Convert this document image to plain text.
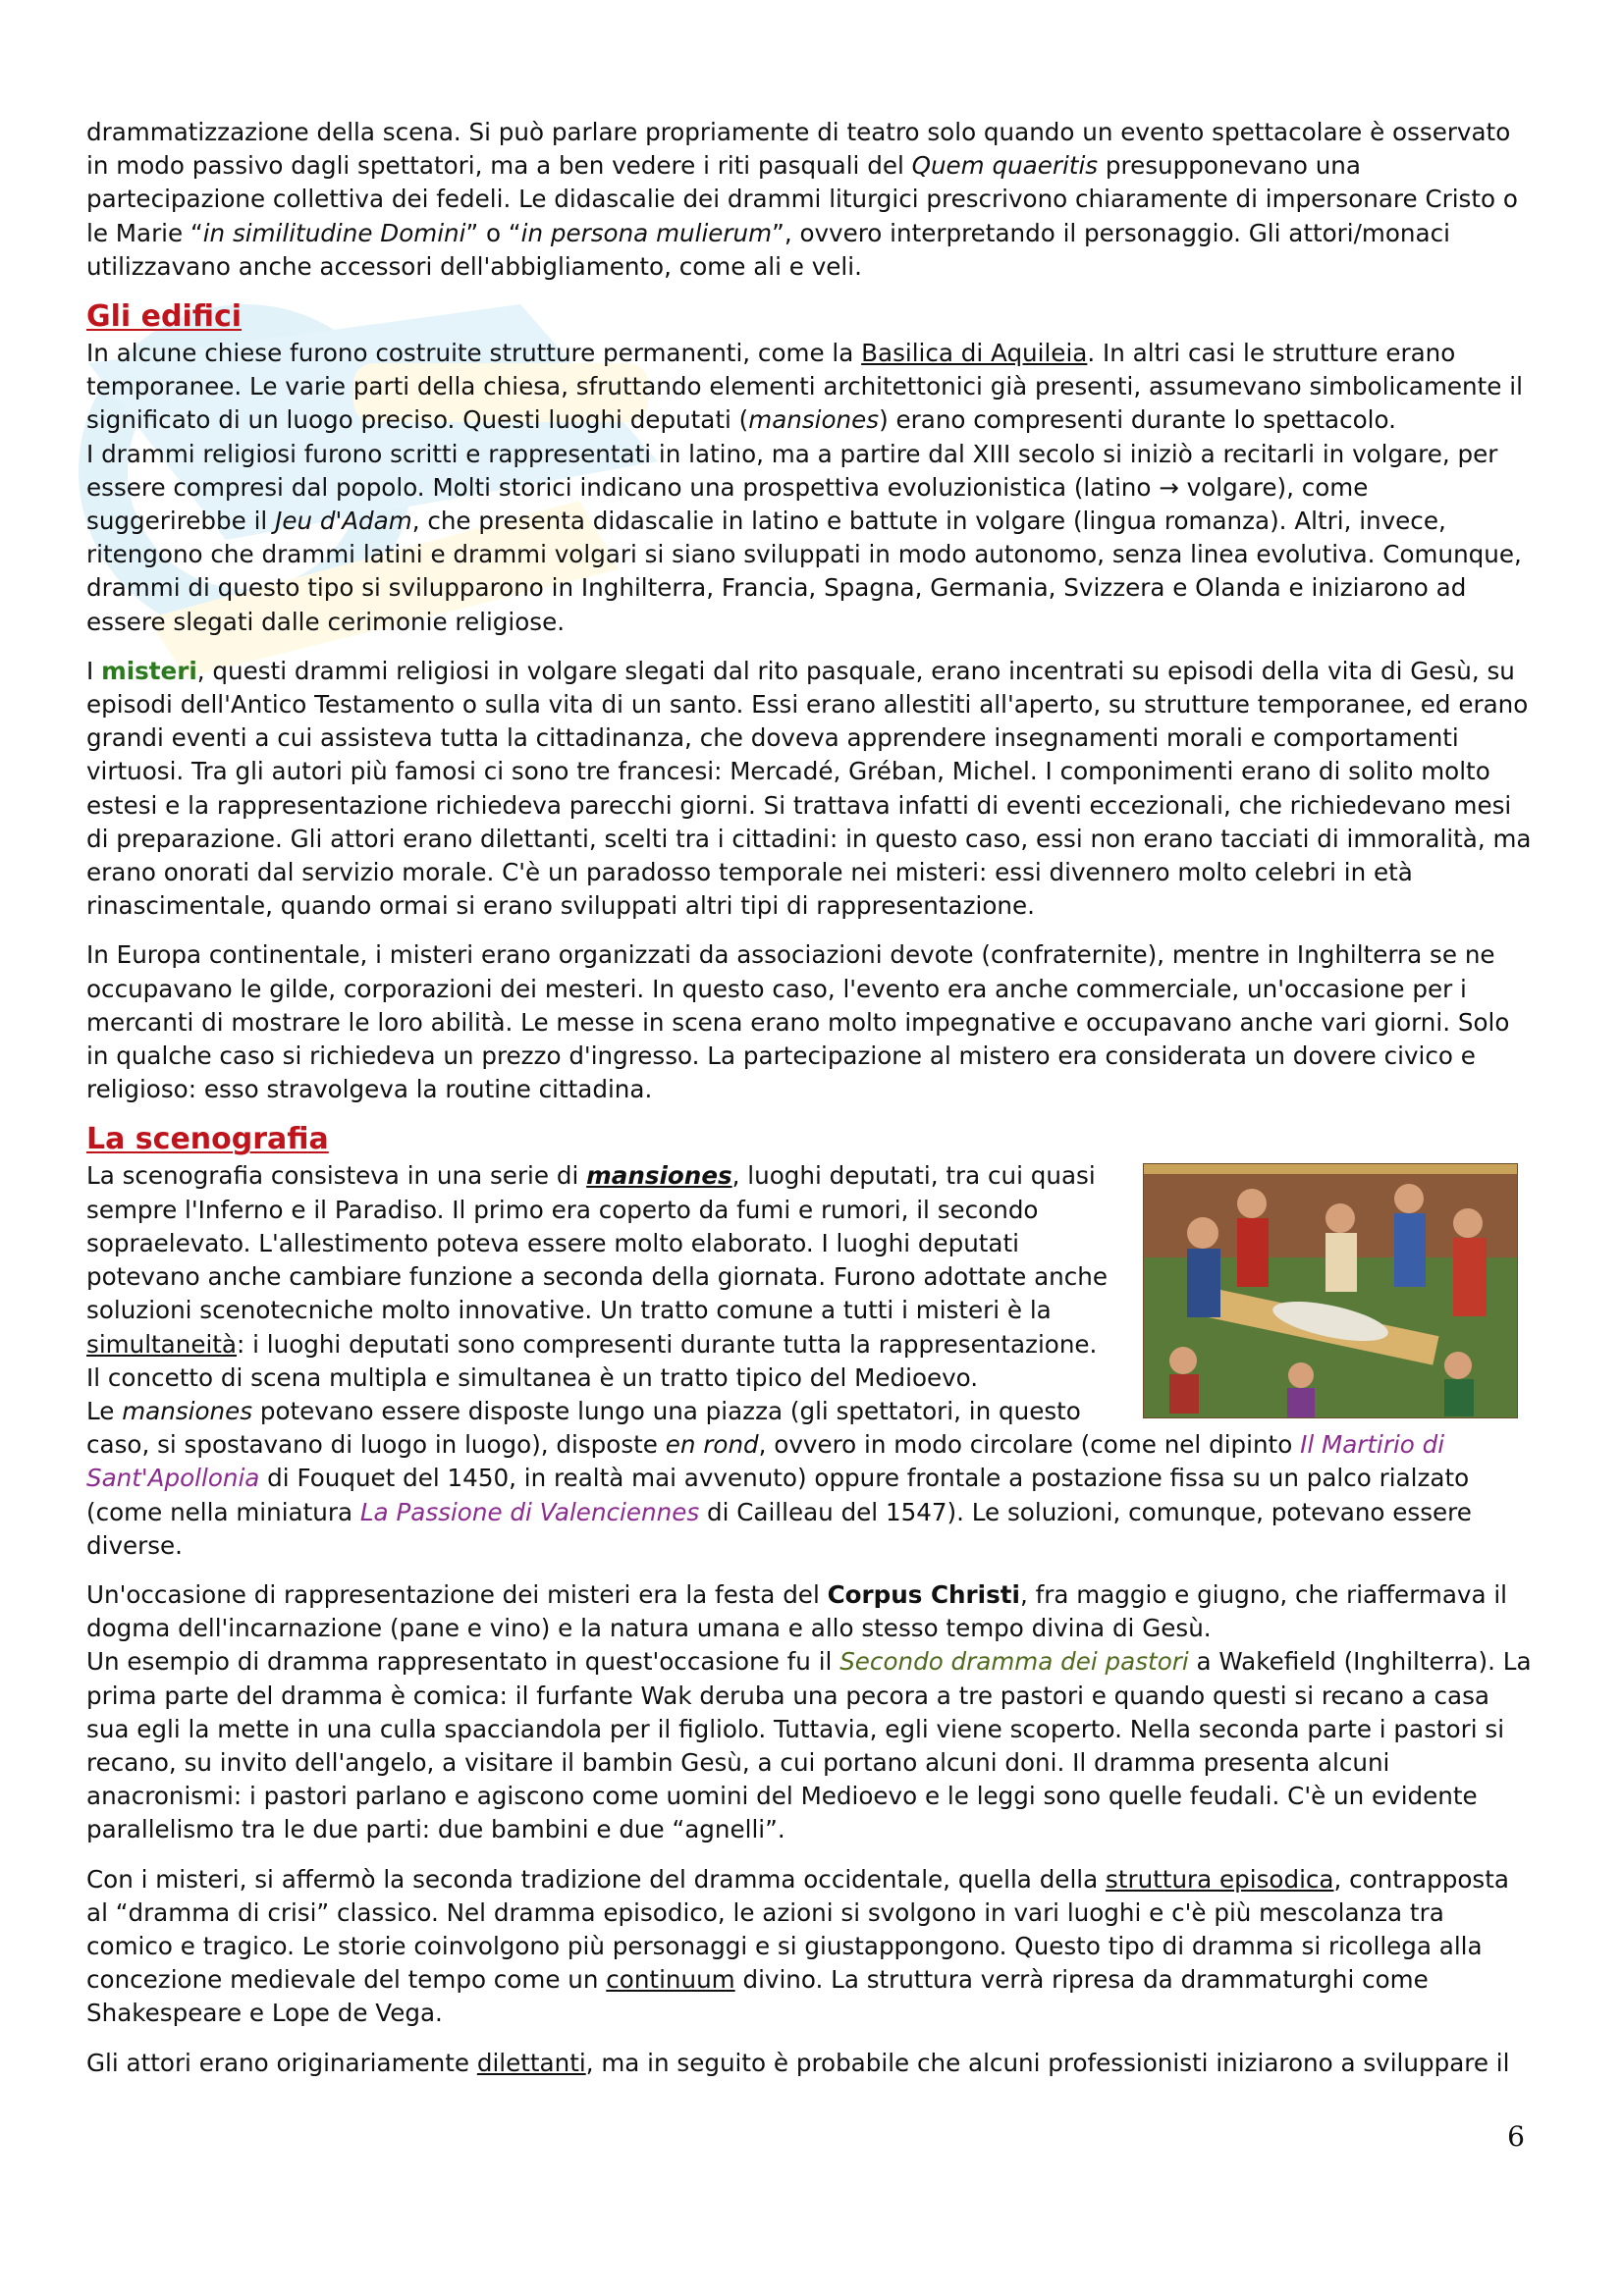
drammatizzazione della scena. Si può parlare propriamente di teatro solo quando un evento spettacolare è osservato in modo passivo dagli spettatori, ma a ben vedere i riti pasquali del Quem quaeritis presupponevano una partecipazione collettiva dei fedeli. Le didascalie dei drammi liturgici prescrivono chiaramente di impersonare Cristo o le Marie “in similitudine Domini” o “in persona mulierum”, ovvero interpretando il personaggio. Gli attori/monaci utilizzavano anche accessori dell'abbigliamento, come ali e veli.

Gli edifici

In alcune chiese furono costruite strutture permanenti, come la Basilica di Aquileia. In altri casi le strutture erano temporanee. Le varie parti della chiesa, sfruttando elementi architettonici già presenti, assumevano simbolicamente il significato di un luogo preciso. Questi luoghi deputati (mansiones) erano compresenti durante lo spettacolo.

I drammi religiosi furono scritti e rappresentati in latino, ma a partire dal XIII secolo si iniziò a recitarli in volgare, per essere compresi dal popolo. Molti storici indicano una prospettiva evoluzionistica (latino → volgare), come suggerirebbe il Jeu d'Adam, che presenta didascalie in latino e battute in volgare (lingua romanza). Altri, invece, ritengono che drammi latini e drammi volgari si siano sviluppati in modo autonomo, senza linea evolutiva. Comunque, drammi di questo tipo si svilupparono in Inghilterra, Francia, Spagna, Germania, Svizzera e Olanda e iniziarono ad essere slegati dalle cerimonie religiose.

I misteri, questi drammi religiosi in volgare slegati dal rito pasquale, erano incentrati su episodi della vita di Gesù, su episodi dell'Antico Testamento o sulla vita di un santo. Essi erano allestiti all'aperto, su strutture temporanee, ed erano grandi eventi a cui assisteva tutta la cittadinanza, che doveva apprendere insegnamenti morali e comportamenti virtuosi. Tra gli autori più famosi ci sono tre francesi: Mercadé, Gréban, Michel. I componimenti erano di solito molto estesi e la rappresentazione richiedeva parecchi giorni. Si trattava infatti di eventi eccezionali, che richiedevano mesi di preparazione. Gli attori erano dilettanti, scelti tra i cittadini: in questo caso, essi non erano tacciati di immoralità, ma erano onorati dal servizio morale. C'è un paradosso temporale nei misteri: essi divennero molto celebri in età rinascimentale, quando ormai si erano sviluppati altri tipi di rappresentazione.

In Europa continentale, i misteri erano organizzati da associazioni devote (confraternite), mentre in Inghilterra se ne occupavano le gilde, corporazioni dei mesteri. In questo caso, l'evento era anche commerciale, un'occasione per i mercanti di mostrare le loro abilità. Le messe in scena erano molto impegnative e occupavano anche vari giorni. Solo in qualche caso si richiedeva un prezzo d'ingresso. La partecipazione al mistero era considerata un dovere civico e religioso: esso stravolgeva la routine cittadina.

La scenografia

La scenografia consisteva in una serie di mansiones, luoghi deputati, tra cui quasi sempre l'Inferno e il Paradiso. Il primo era coperto da fumi e rumori, il secondo sopraelevato. L'allestimento poteva essere molto elaborato. I luoghi deputati potevano anche cambiare funzione a seconda della giornata. Furono adottate anche soluzioni scenotecniche molto innovative. Un tratto comune a tutti i misteri è la simultaneità: i luoghi deputati sono compresenti durante tutta la rappresentazione.
Il concetto di scena multipla e simultanea è un tratto tipico del Medioevo.
Le mansiones potevano essere disposte lungo una piazza (gli spettatori, in questo caso, si spostavano di luogo in luogo), disposte en rond, ovvero in modo circolare (come nel dipinto Il Martirio di Sant'Apollonia di Fouquet del 1450, in realtà mai avvenuto) oppure frontale a postazione fissa su un palco rialzato (come nella miniatura La Passione di Valenciennes di Cailleau del 1547). Le soluzioni, comunque, potevano essere diverse.

Un'occasione di rappresentazione dei misteri era la festa del Corpus Christi, fra maggio e giugno, che riaffermava il dogma dell'incarnazione (pane e vino) e la natura umana e allo stesso tempo divina di Gesù.
Un esempio di dramma rappresentato in quest'occasione fu il Secondo dramma dei pastori a Wakefield (Inghilterra). La prima parte del dramma è comica: il furfante Wak deruba una pecora a tre pastori e quando questi si recano a casa sua egli la mette in una culla spacciandola per il figliolo. Tuttavia, egli viene scoperto. Nella seconda parte i pastori si recano, su invito dell'angelo, a visitare il bambin Gesù, a cui portano alcuni doni. Il dramma presenta alcuni anacronismi: i pastori parlano e agiscono come uomini del Medioevo e le leggi sono quelle feudali. C'è un evidente parallelismo tra le due parti: due bambini e due “agnelli”.

Con i misteri, si affermò la seconda tradizione del dramma occidentale, quella della struttura episodica, contrapposta al “dramma di crisi” classico. Nel dramma episodico, le azioni si svolgono in vari luoghi e c'è più mescolanza tra comico e tragico. Le storie coinvolgono più personaggi e si giustappongono. Questo tipo di dramma si ricollega alla concezione medievale del tempo come un continuum divino. La struttura verrà ripresa da drammaturghi come Shakespeare e Lope de Vega.

Gli attori erano originariamente dilettanti, ma in seguito è probabile che alcuni professionisti iniziarono a sviluppare il

6
